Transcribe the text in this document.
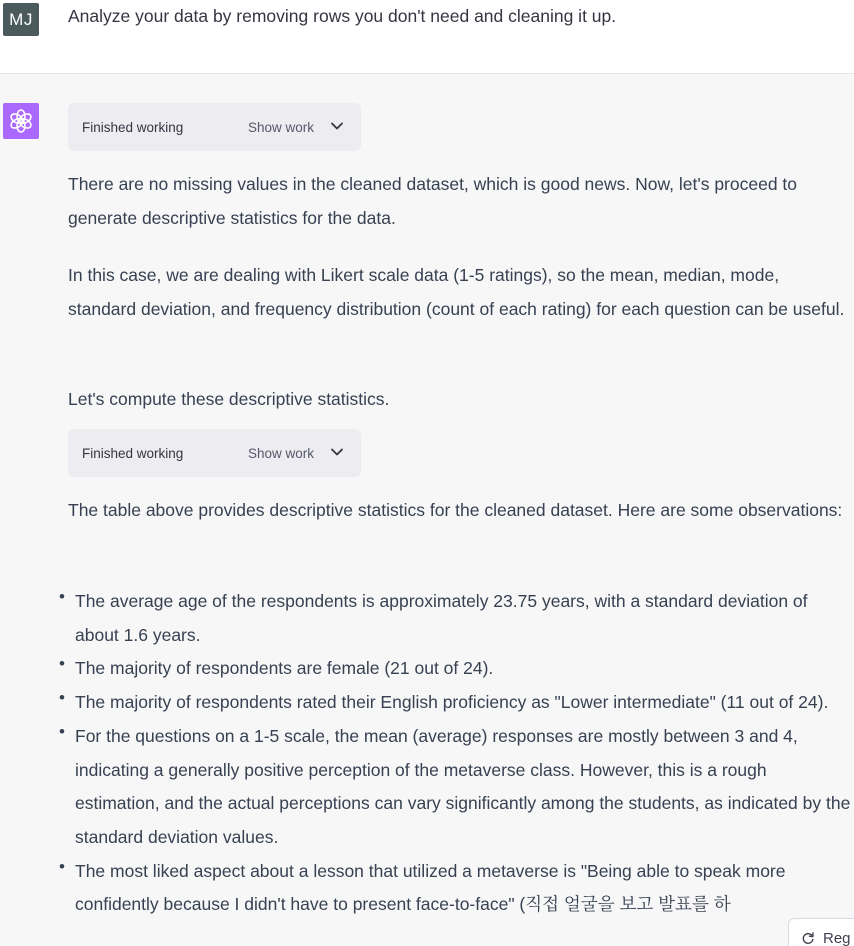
MJ	Analyze your data by removing rows you don't need and cleaning it up.
Finished working	Show work
There are no missing values in the cleaned dataset, which is good news. Now, let's proceed to generate descriptive statistics for the data.
In this case, we are dealing with Likert scale data (1-5 ratings), so the mean, median, mode, standard deviation, and frequency distribution (count of each rating) for each question can be useful.
Let's compute these descriptive statistics.
Finished working	Show work
The table above provides descriptive statistics for the cleaned dataset. Here are some observations:
• The average age of the respondents is approximately 23.75 years, with a standard deviation of about 1.6 years.
• The majority of respondents are female (21 out of 24).
• The majority of respondents rated their English proficiency as "Lower intermediate" (11 out of 24).
• For the questions on a 1-5 scale, the mean (average) responses are mostly between 3 and 4, indicating a generally positive perception of the metaverse class. However, this is a rough estimation, and the actual perceptions can vary significantly among the students, as indicated by the standard deviation values.
• The most liked aspect about a lesson that utilized a metaverse is "Being able to speak more confidently because I didn't have to present face-to-face" (직접 얼굴을 보고 발표를 하
Reg
